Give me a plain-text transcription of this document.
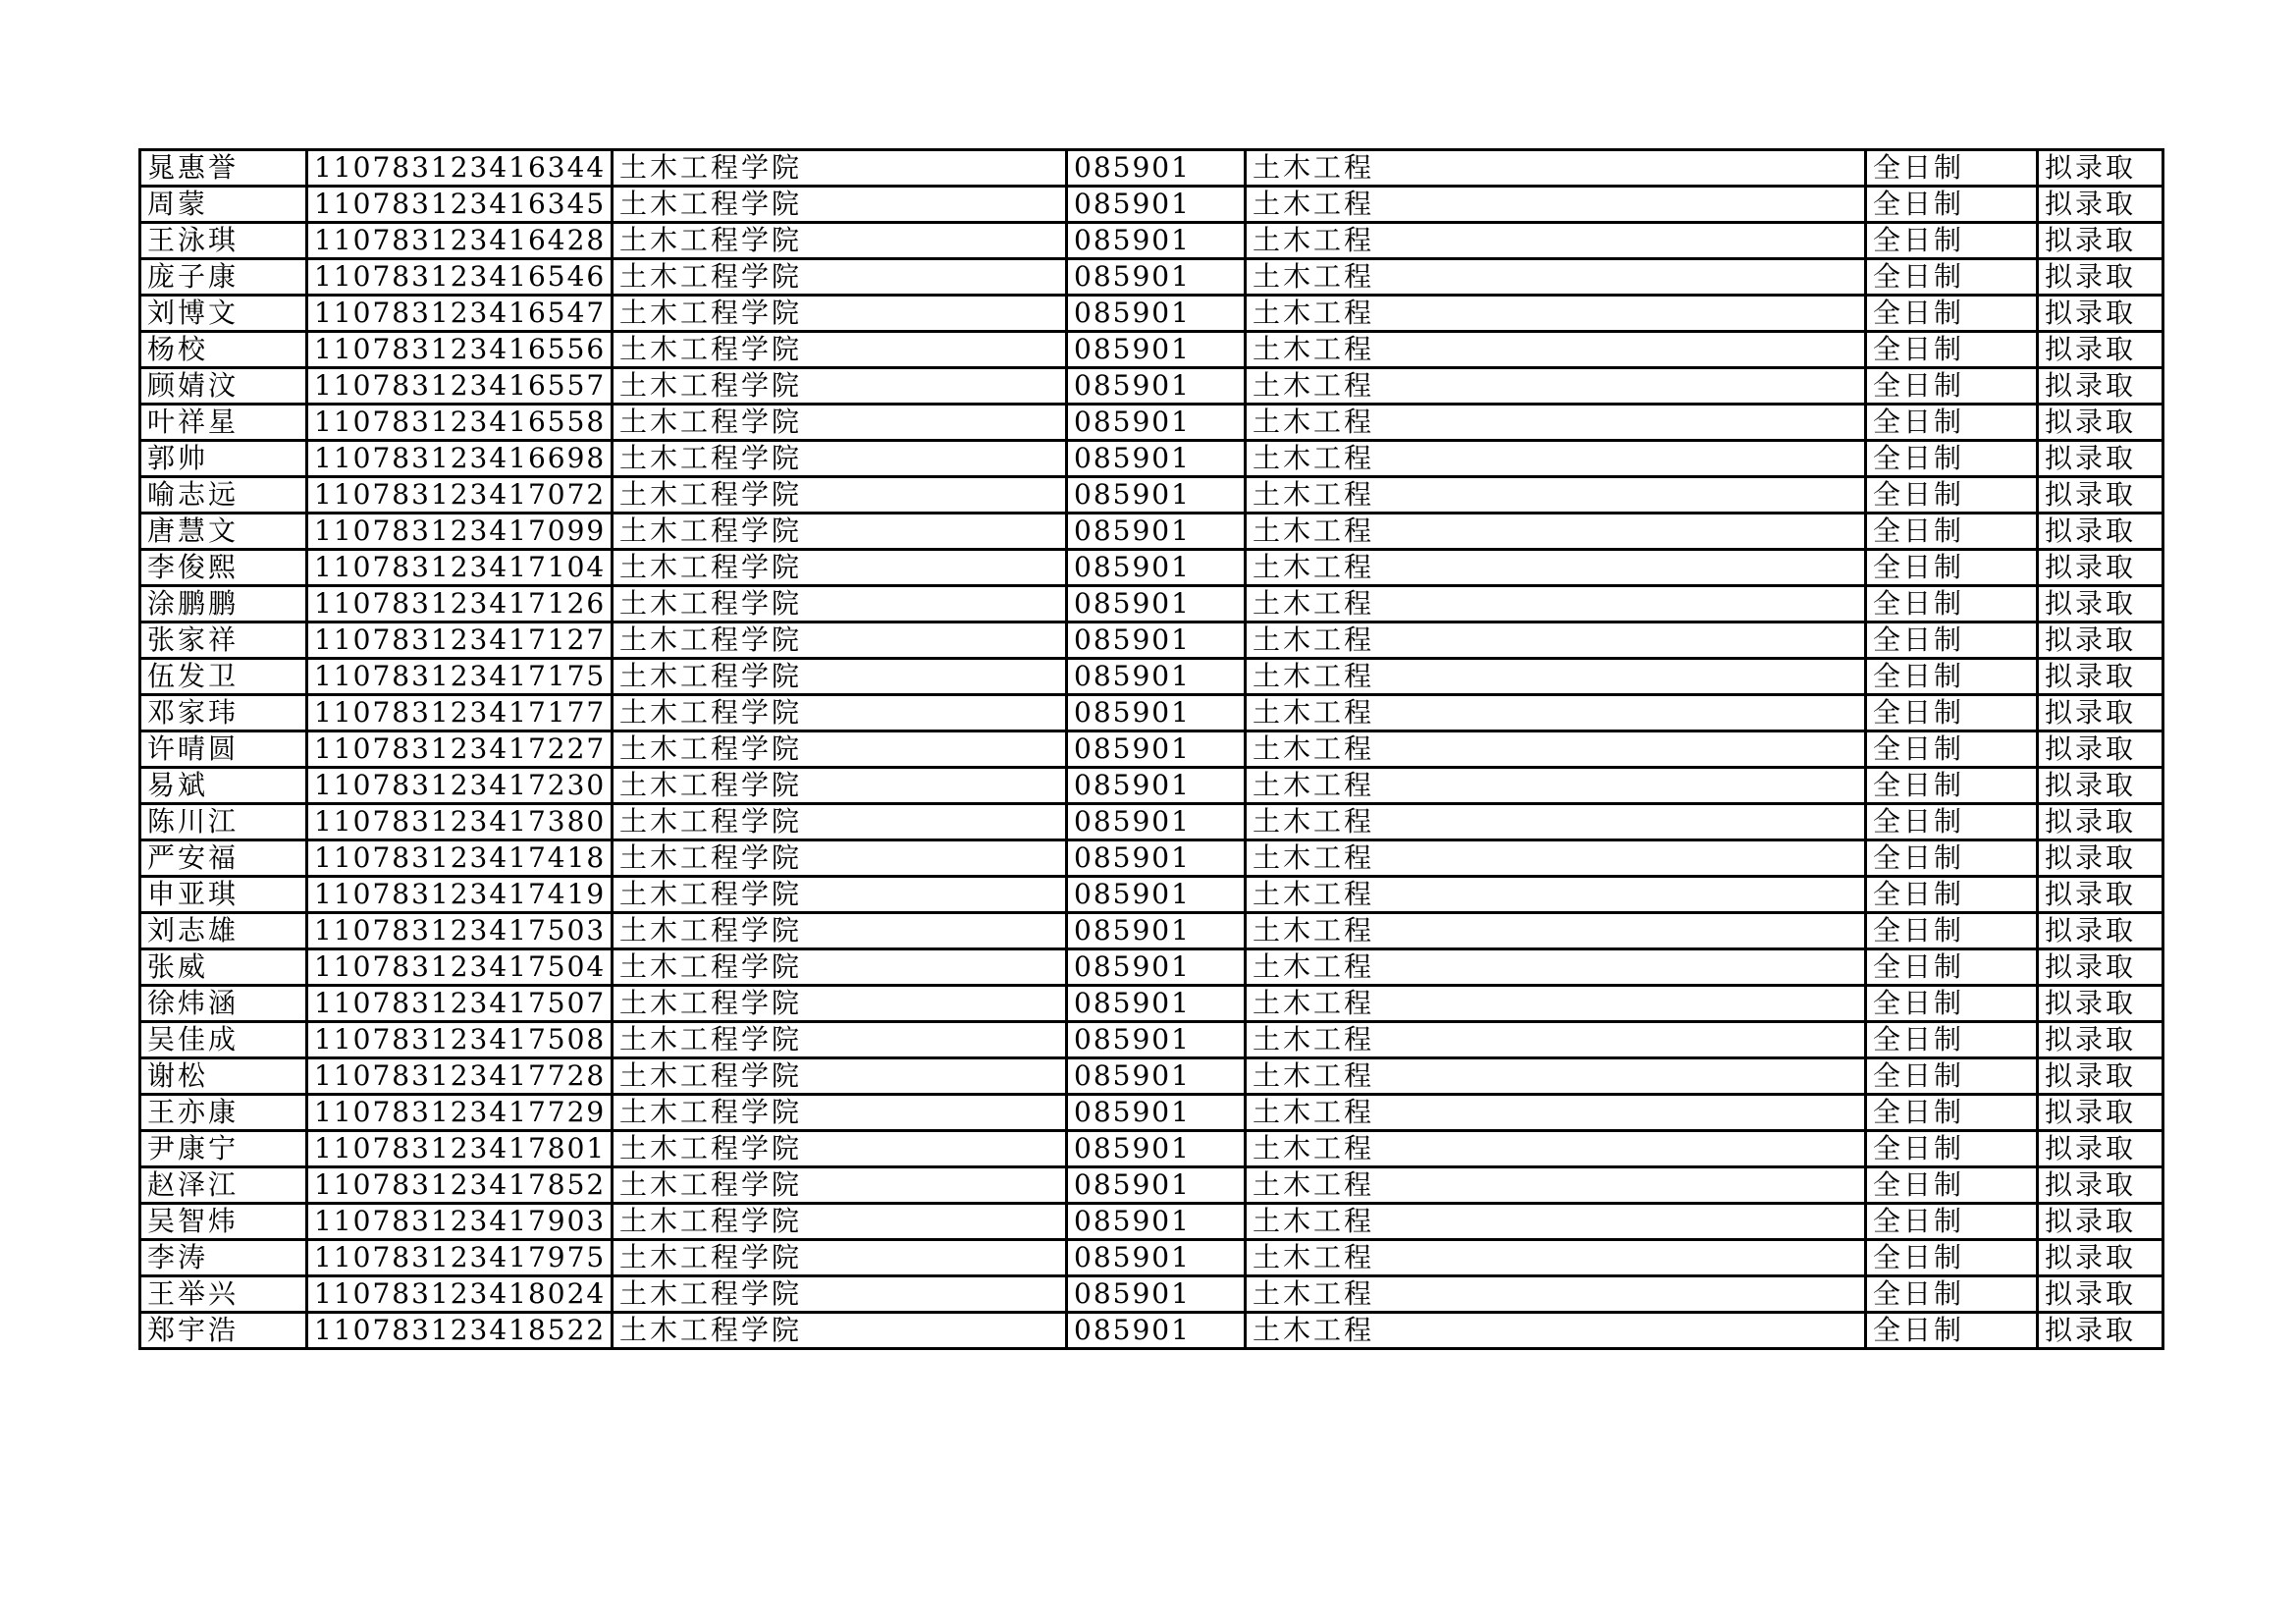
晁惠誉	110783123416344	土木工程学院	085901	土木工程	全日制	拟录取
周蒙	110783123416345	土木工程学院	085901	土木工程	全日制	拟录取
王泳琪	110783123416428	土木工程学院	085901	土木工程	全日制	拟录取
庞子康	110783123416546	土木工程学院	085901	土木工程	全日制	拟录取
刘博文	110783123416547	土木工程学院	085901	土木工程	全日制	拟录取
杨校	110783123416556	土木工程学院	085901	土木工程	全日制	拟录取
顾婧汶	110783123416557	土木工程学院	085901	土木工程	全日制	拟录取
叶祥星	110783123416558	土木工程学院	085901	土木工程	全日制	拟录取
郭帅	110783123416698	土木工程学院	085901	土木工程	全日制	拟录取
喻志远	110783123417072	土木工程学院	085901	土木工程	全日制	拟录取
唐慧文	110783123417099	土木工程学院	085901	土木工程	全日制	拟录取
李俊熙	110783123417104	土木工程学院	085901	土木工程	全日制	拟录取
涂鹏鹏	110783123417126	土木工程学院	085901	土木工程	全日制	拟录取
张家祥	110783123417127	土木工程学院	085901	土木工程	全日制	拟录取
伍发卫	110783123417175	土木工程学院	085901	土木工程	全日制	拟录取
邓家玮	110783123417177	土木工程学院	085901	土木工程	全日制	拟录取
许晴圆	110783123417227	土木工程学院	085901	土木工程	全日制	拟录取
易斌	110783123417230	土木工程学院	085901	土木工程	全日制	拟录取
陈川江	110783123417380	土木工程学院	085901	土木工程	全日制	拟录取
严安福	110783123417418	土木工程学院	085901	土木工程	全日制	拟录取
申亚琪	110783123417419	土木工程学院	085901	土木工程	全日制	拟录取
刘志雄	110783123417503	土木工程学院	085901	土木工程	全日制	拟录取
张威	110783123417504	土木工程学院	085901	土木工程	全日制	拟录取
徐炜涵	110783123417507	土木工程学院	085901	土木工程	全日制	拟录取
吴佳成	110783123417508	土木工程学院	085901	土木工程	全日制	拟录取
谢松	110783123417728	土木工程学院	085901	土木工程	全日制	拟录取
王亦康	110783123417729	土木工程学院	085901	土木工程	全日制	拟录取
尹康宁	110783123417801	土木工程学院	085901	土木工程	全日制	拟录取
赵泽江	110783123417852	土木工程学院	085901	土木工程	全日制	拟录取
吴智炜	110783123417903	土木工程学院	085901	土木工程	全日制	拟录取
李涛	110783123417975	土木工程学院	085901	土木工程	全日制	拟录取
王举兴	110783123418024	土木工程学院	085901	土木工程	全日制	拟录取
郑宇浩	110783123418522	土木工程学院	085901	土木工程	全日制	拟录取
